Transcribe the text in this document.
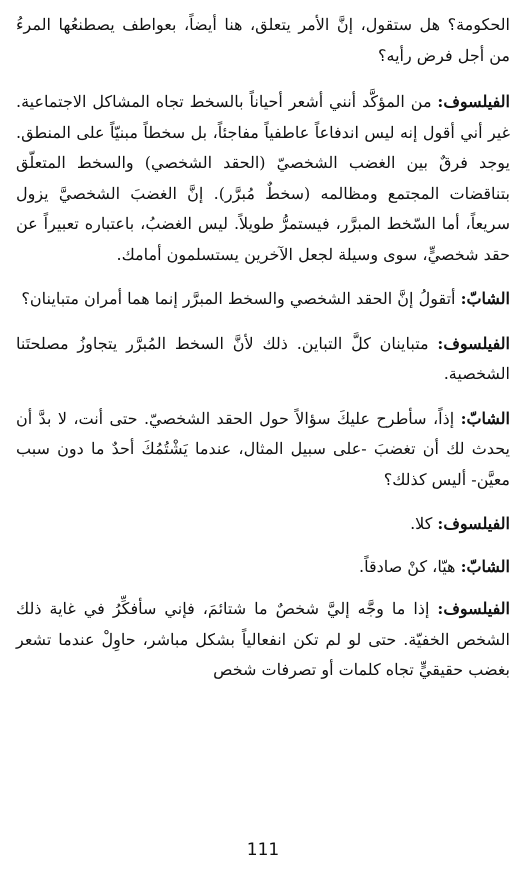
الحكومة؟ هل ستقول، إنَّ الأمر يتعلق، هنا أيضاً، بعواطف يصطنعُها المرءُ من أجل فرض رأيه؟

الفيلسوف: من المؤكَّد أنني أشعر أحياناً بالسخط تجاه المشاكل الاجتماعية. غير أني أقول إنه ليس اندفاعاً عاطفياً مفاجئاً، بل سخطاً مبنيّاً على المنطق. يوجد فرقٌ بين الغضب الشخصيّ (الحقد الشخصي) والسخط المتعلّق بتناقضات المجتمع ومظالمه (سخطٌ مُبرَّر). إنَّ الغضبَ الشخصيَّ يزول سريعاً، أما السّخط المبرَّر، فيستمرُّ طويلاً. ليس الغضبُ، باعتباره تعبيراً عن حقد شخصيٍّ، سوى وسيلة لجعل الآخرين يستسلمون أمامك.

الشابّ: أتقولُ إنَّ الحقد الشخصي والسخط المبرَّر إنما هما أمران متباينان؟

الفيلسوف: متباينان كلَّ التباين. ذلك لأنَّ السخط المُبرَّر يتجاوزُ مصلحتَنا الشخصية.

الشابّ: إذاً، سأطرح عليكَ سؤالاً حول الحقد الشخصيّ. حتى أنت، لا بدَّ أن يحدث لك أن تغضبَ -على سبيل المثال، عندما يَشْتُمُكَ أحدٌ ما دون سبب معيَّن- أليس كذلك؟

الفيلسوف: كلا.

الشابّ: هيّا، كنْ صادقاً.

الفيلسوف: إذا ما وجَّه إليَّ شخصٌ ما شتائمَ، فإني سأفكِّرُ في غاية ذلك الشخص الخفيّة. حتى لو لم تكن انفعالياً بشكل مباشر، حاوِلْ عندما تشعر بغضب حقيقيٍّ تجاه كلمات أو تصرفات شخص

111
